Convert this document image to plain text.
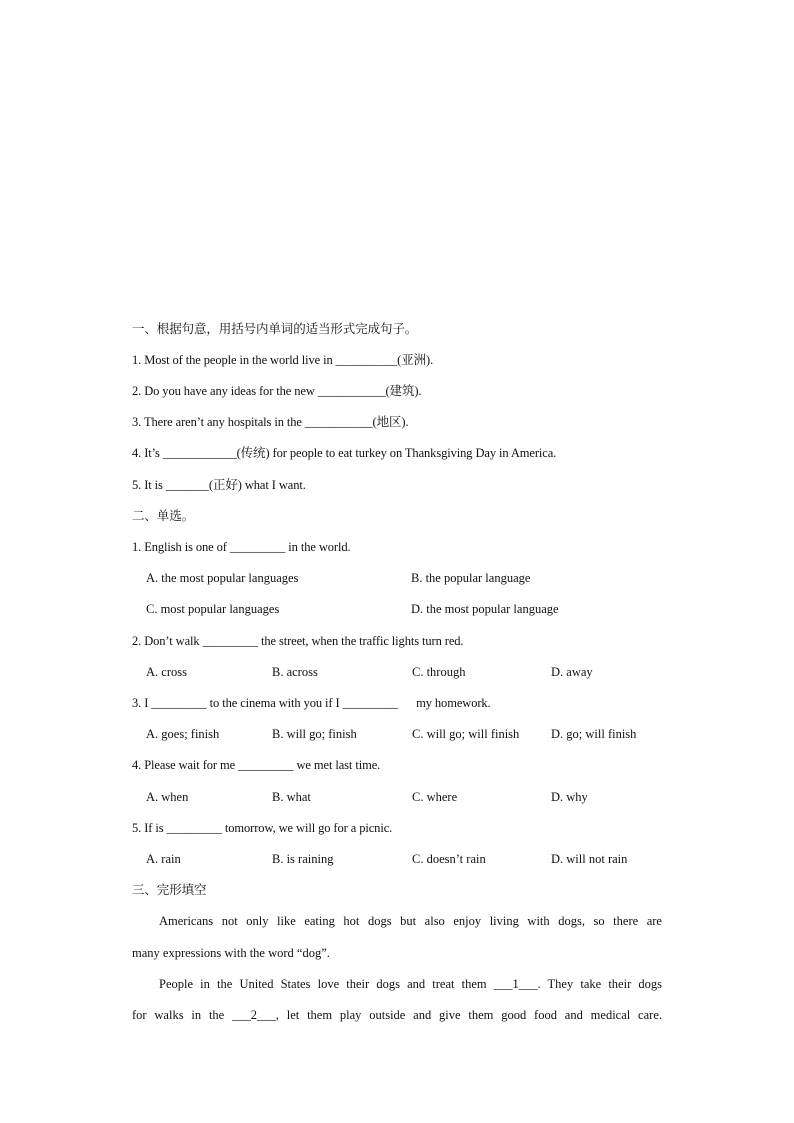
一、根据句意，用括号内单词的适当形式完成句子。
1. Most of the people in the world live in __________(亚洲).
2. Do you have any ideas for the new ___________(建筑).
3. There aren’t any hospitals in the ___________(地区).
4. It’s ____________(传统) for people to eat turkey on Thanksgiving Day in America.
5. It is _______(正好) what I want.
二、单选。
1. English is one of _________ in the world.
A. the most popular languages	B. the popular language
C. most popular languages	D. the most popular language
2. Don’t walk _________ the street, when the traffic lights turn red.
A. cross	B. across	C. through	D. away
3. I _________ to the cinema with you if I _________      my homework.
A. goes; finish	B. will go; finish	C. will go; will finish	D. go; will finish
4. Please wait for me _________ we met last time.
A. when	B. what	C. where	D. why
5. If is _________ tomorrow, we will go for a picnic.
A. rain	B. is raining	C. doesn’t rain	D. will not rain
三、完形填空
Americans not only like eating hot dogs but also enjoy living with dogs, so there are
many expressions with the word “dog”.
People in the United States love their dogs and treat them ___1___. They take their dogs
for walks in the ___2___, let them play outside and give them good food and medical care.
